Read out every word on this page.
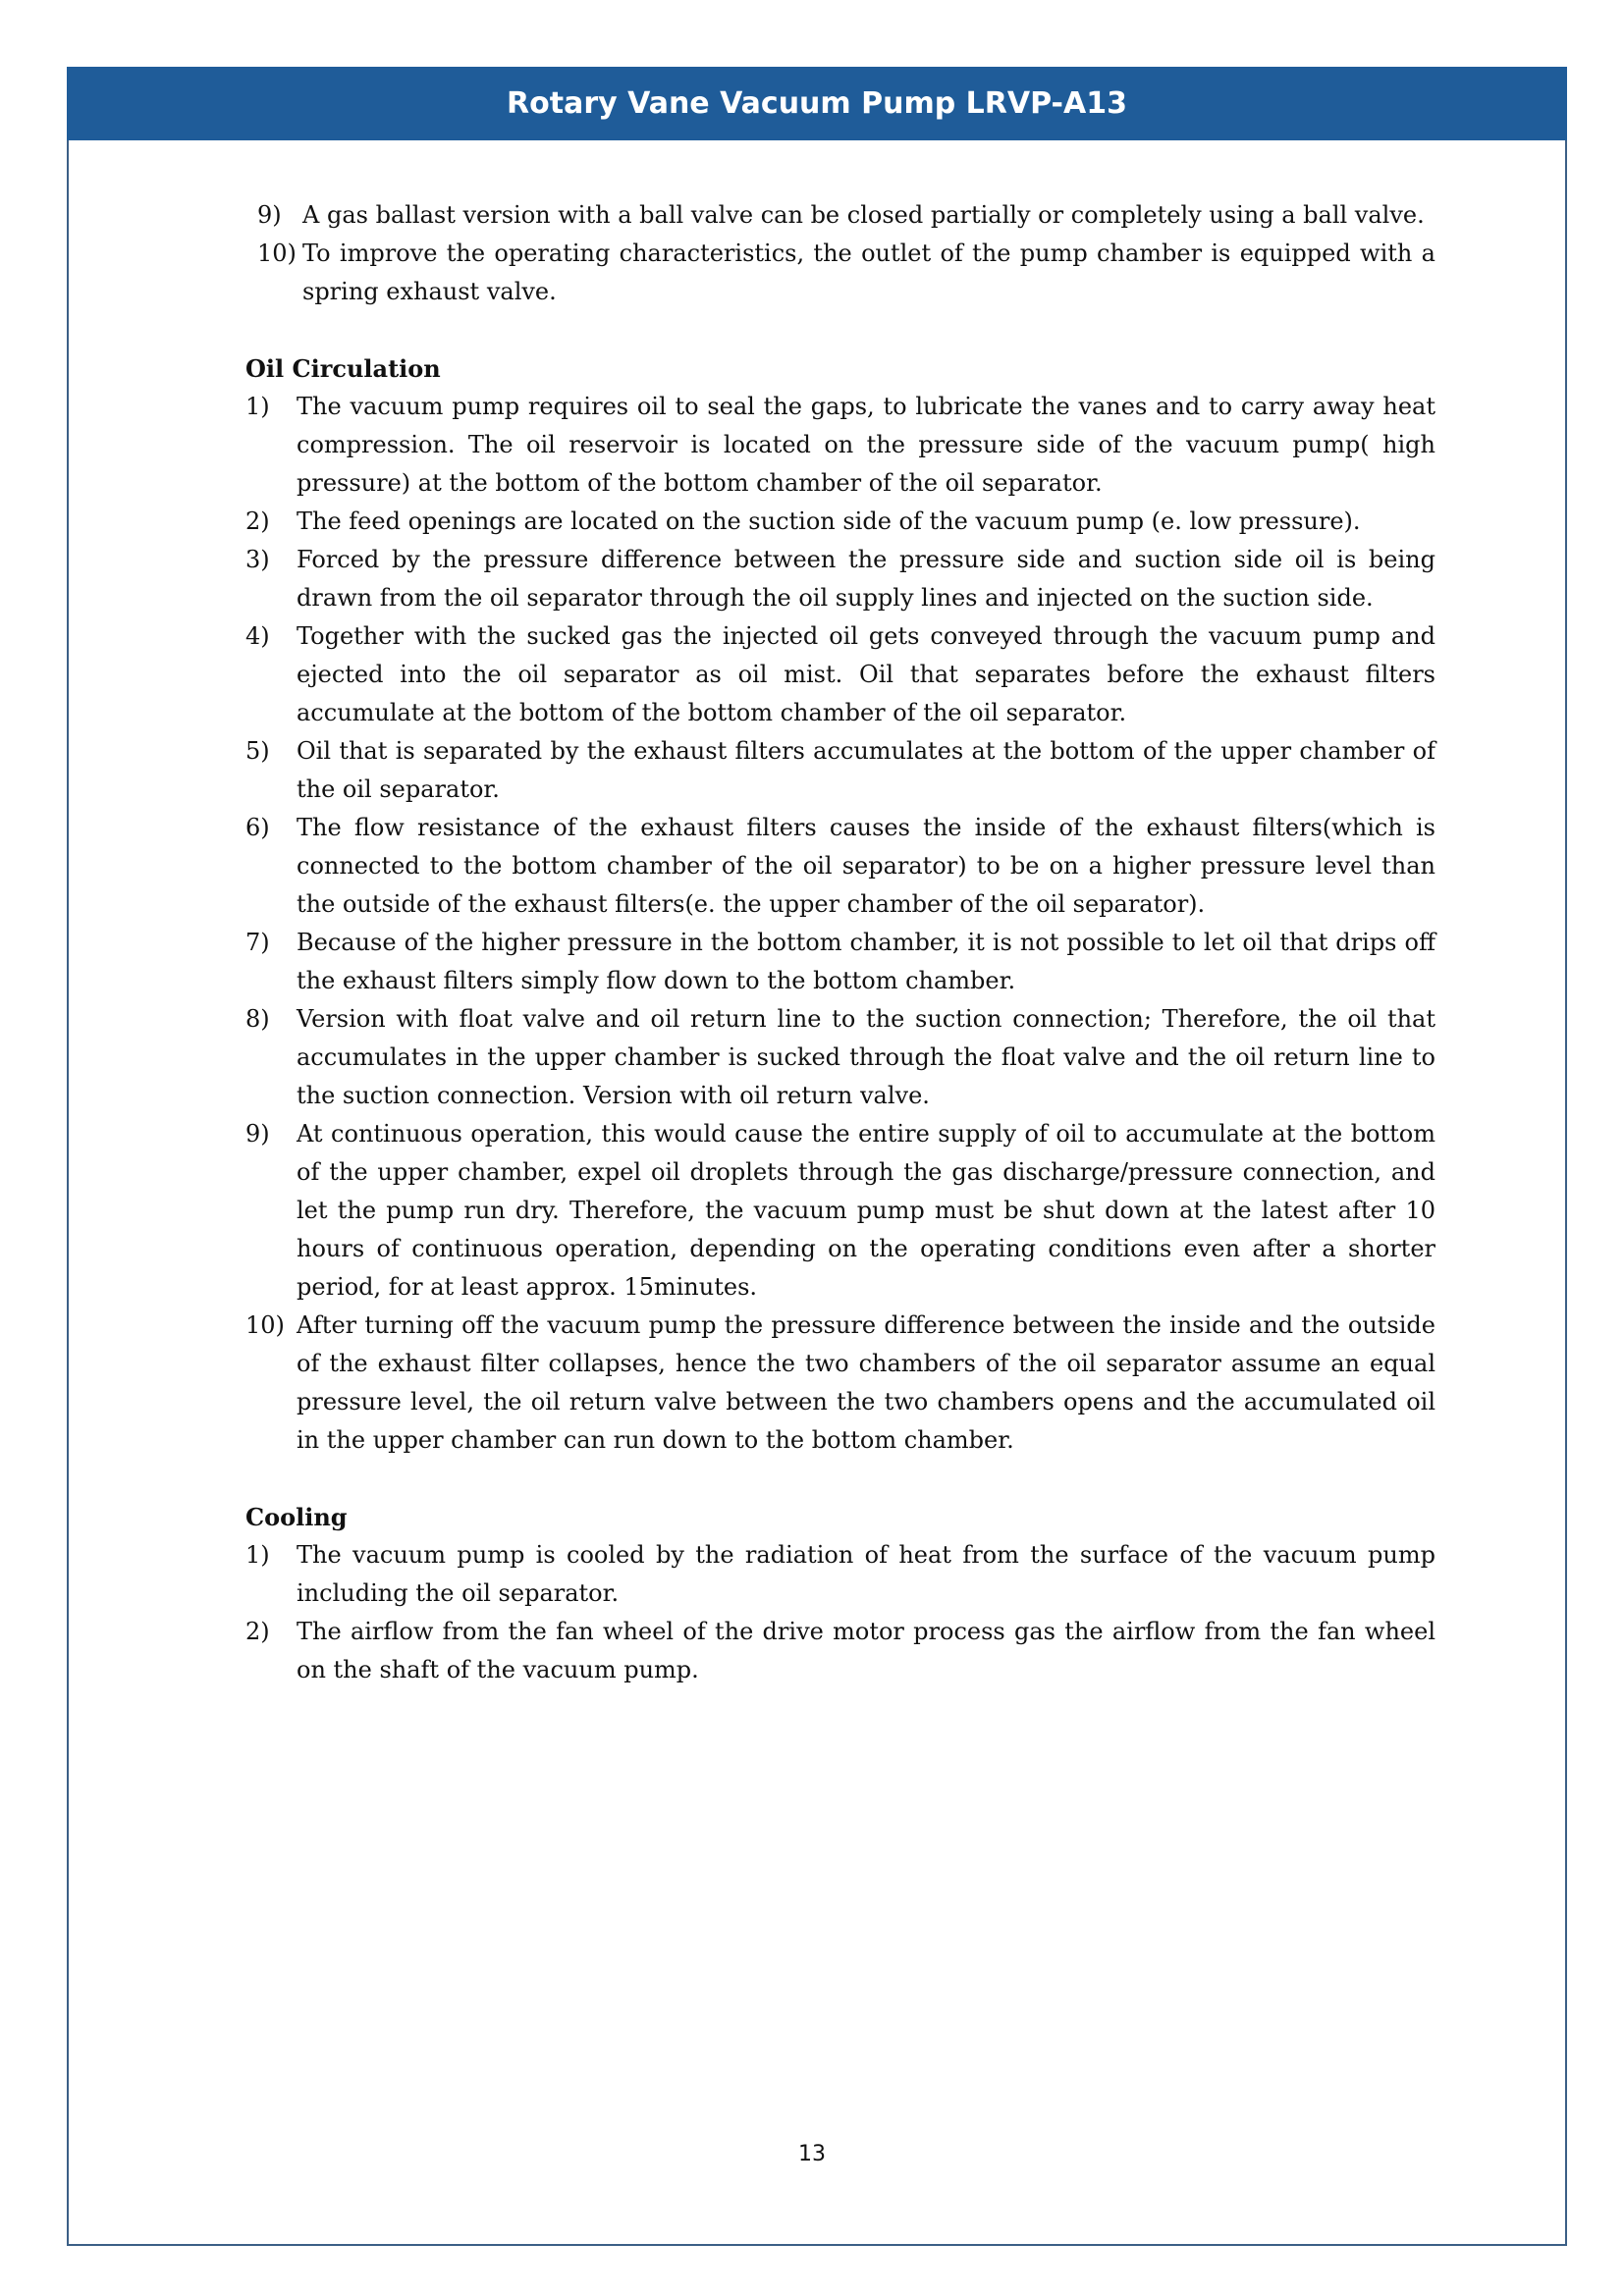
Rotary Vane Vacuum Pump LRVP-A13
9) A gas ballast version with a ball valve can be closed partially or completely using a ball valve.
10) To improve the operating characteristics, the outlet of the pump chamber is equipped with a spring exhaust valve.
Oil Circulation
1)	The vacuum pump requires oil to seal the gaps, to lubricate the vanes and to carry away heat compression. The oil reservoir is located on the pressure side of the vacuum pump( high pressure) at the bottom of the bottom chamber of the oil separator.
2)	The feed openings are located on the suction side of the vacuum pump (e. low pressure).
3)	Forced by the pressure difference between the pressure side and suction side oil is being drawn from the oil separator through the oil supply lines and injected on the suction side.
4)	Together with the sucked gas the injected oil gets conveyed through the vacuum pump and ejected into the oil separator as oil mist. Oil that separates before the exhaust filters accumulate at the bottom of the bottom chamber of the oil separator.
5)	Oil that is separated by the exhaust filters accumulates at the bottom of the upper chamber of the oil separator.
6)	The flow resistance of the exhaust filters causes the inside of the exhaust filters(which is connected to the bottom chamber of the oil separator) to be on a higher pressure level than the outside of the exhaust filters(e. the upper chamber of the oil separator).
7)	Because of the higher pressure in the bottom chamber, it is not possible to let oil that drips off the exhaust filters simply flow down to the bottom chamber.
8)	Version with float valve and oil return line to the suction connection; Therefore, the oil that accumulates in the upper chamber is sucked through the float valve and the oil return line to the suction connection. Version with oil return valve.
9)	At continuous operation, this would cause the entire supply of oil to accumulate at the bottom of the upper chamber, expel oil droplets through the gas discharge/pressure connection, and let the pump run dry. Therefore, the vacuum pump must be shut down at the latest after 10 hours of continuous operation, depending on the operating conditions even after a shorter period, for at least approx. 15minutes.
10) After turning off the vacuum pump the pressure difference between the inside and the outside of the exhaust filter collapses, hence the two chambers of the oil separator assume an equal pressure level, the oil return valve between the two chambers opens and the accumulated oil in the upper chamber can run down to the bottom chamber.
Cooling
1)	The vacuum pump is cooled by the radiation of heat from the surface of the vacuum pump including the oil separator.
2)	The airflow from the fan wheel of the drive motor process gas the airflow from the fan wheel on the shaft of the vacuum pump.
13
